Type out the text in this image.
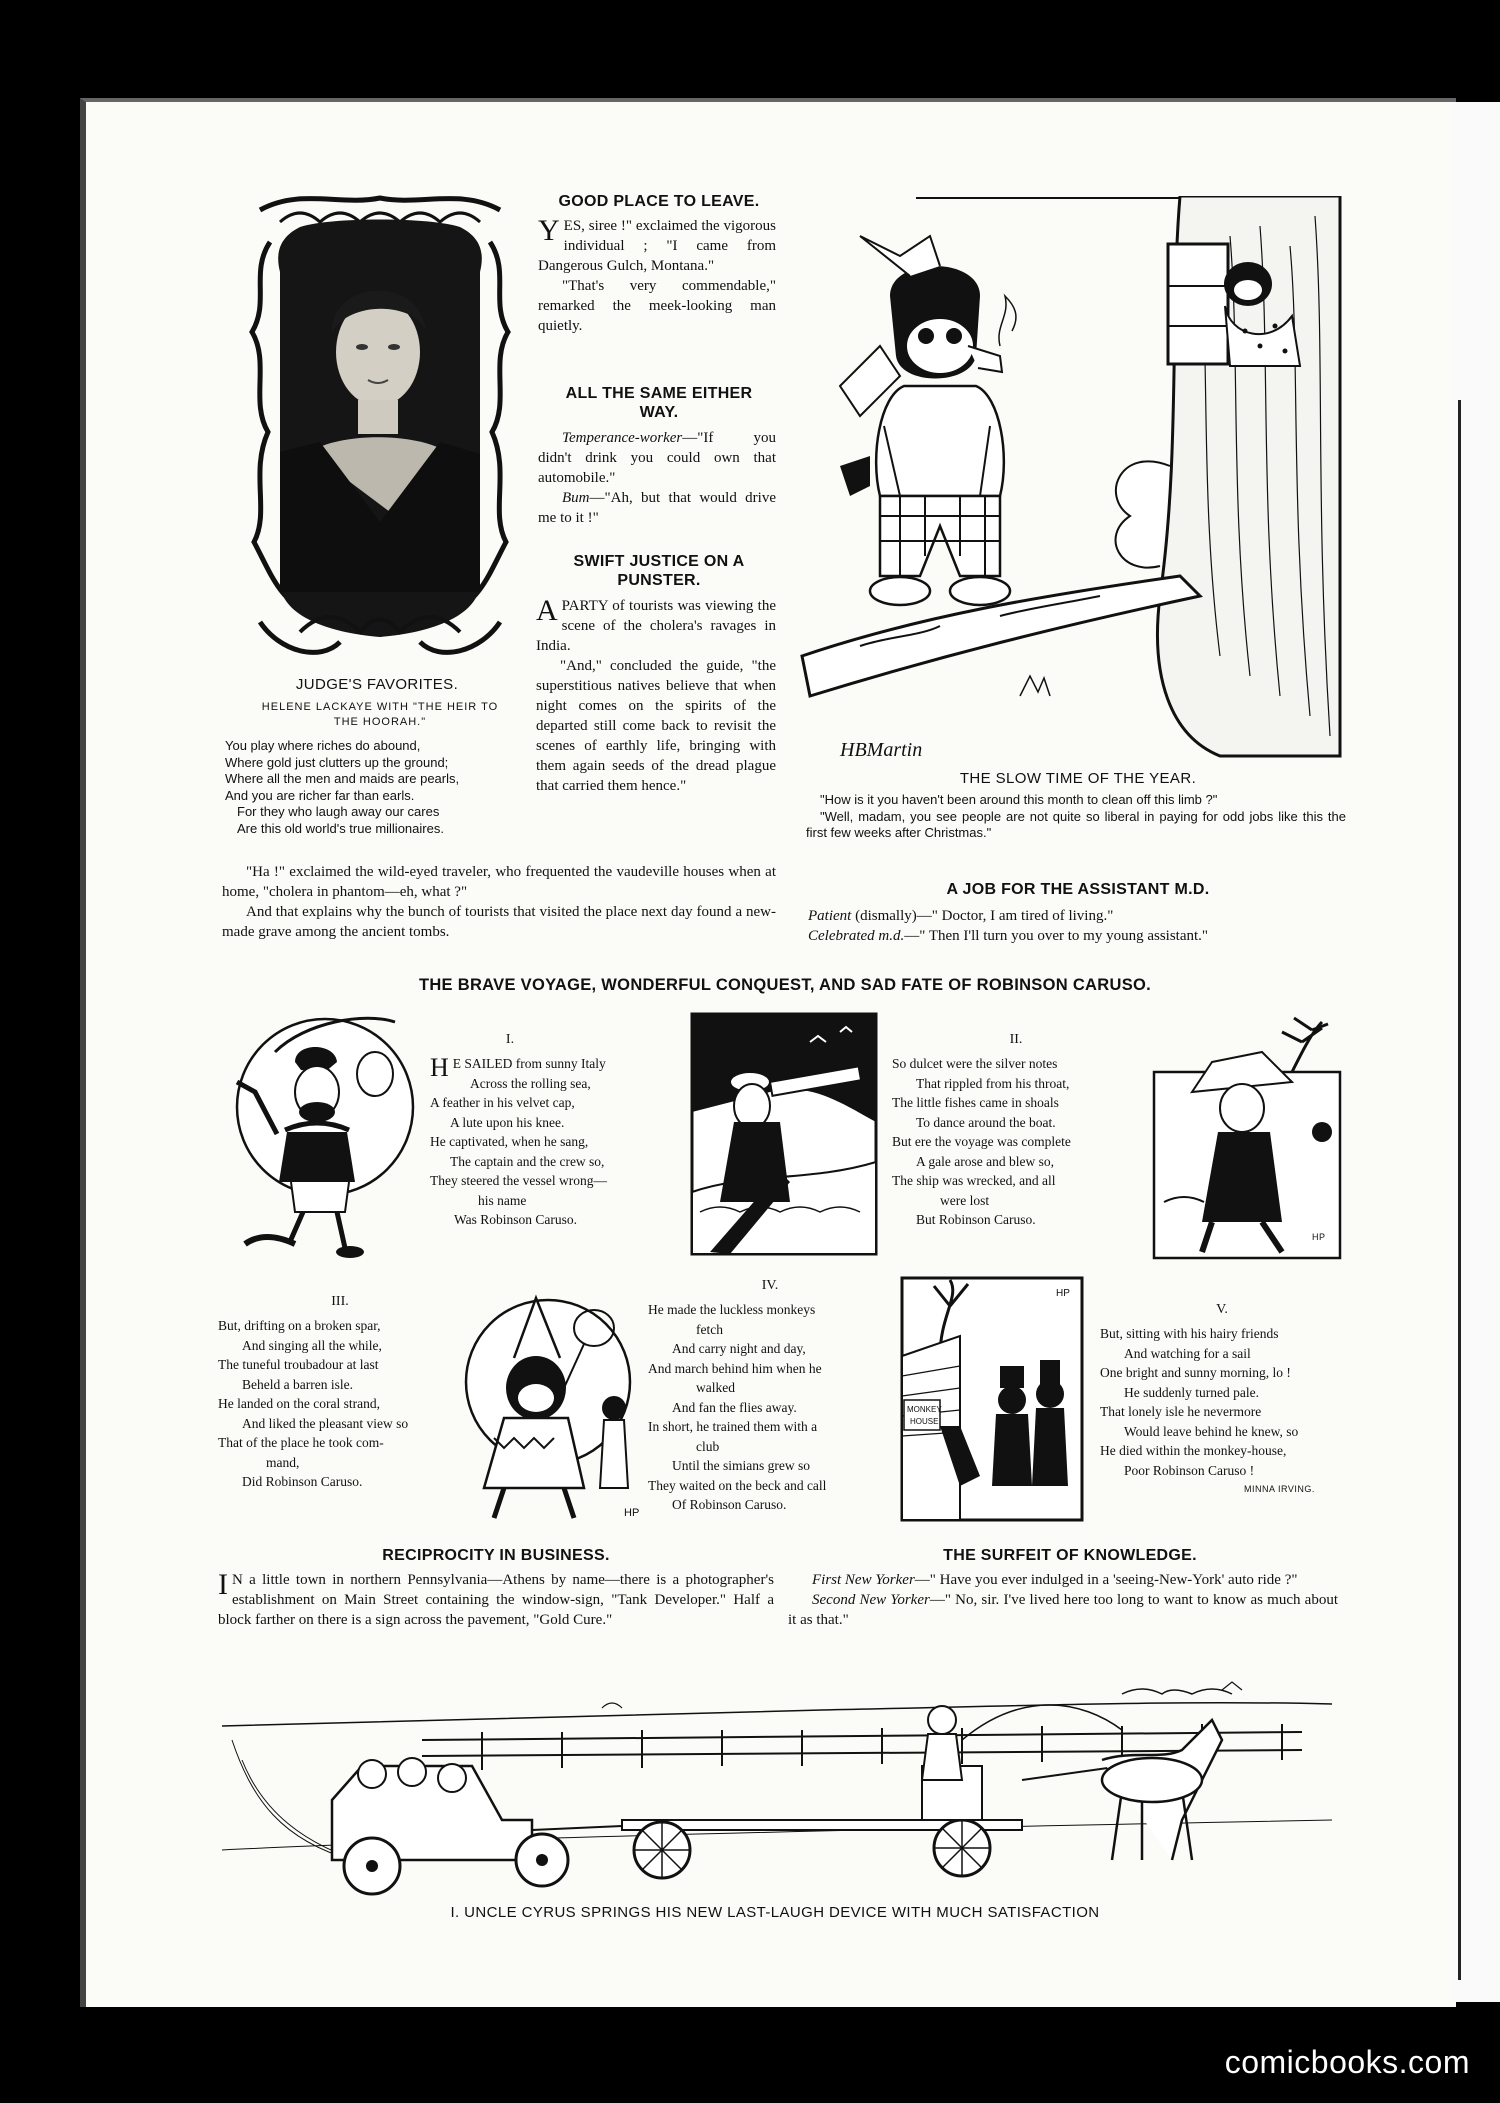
JUDGE'S FAVORITES.
HELENE LACKAYE WITH "THE HEIR TO
THE HOORAH."
You play where riches do abound,
Where gold just clutters up the ground;
Where all the men and maids are pearls,
And you are richer far than earls.
For they who laugh away our cares
Are this old world's true millionaires.
GOOD PLACE TO LEAVE.

YES, siree !" exclaimed the vigorous individual ; "I came from Dangerous Gulch, Montana."

"That's very commendable," remarked the meek-looking man quietly.

ALL THE SAME EITHER
WAY.

Temperance-worker—"If you didn't drink you could own that automobile."

Bum—"Ah, but that would drive me to it !"

SWIFT JUSTICE ON A
PUNSTER.

APARTY of tourists was viewing the scene of the cholera's ravages in India.

"And," concluded the guide, "the superstitious natives believe that when night comes on the spirits of the departed still come back to revisit the scenes of earthly life, bringing with them again seeds of the dread plague that carried them hence."

"Ha !" exclaimed the wild-eyed traveler, who frequented the vaudeville houses when at home, "cholera in phantom—eh, what ?"

And that explains why the bunch of tourists that visited the place next day found a new-made grave among the ancient tombs.

HBMartin
THE SLOW TIME OF THE YEAR.
"How is it you haven't been around this month to clean off this limb ?"
"Well, madam, you see people are not quite so liberal in paying for odd jobs like this the first few weeks after Christmas."
A JOB FOR THE ASSISTANT M.D.
Patient (dismally)—" Doctor, I am tired of living."
Celebrated m.d.—" Then I'll turn you over to my young assistant."
THE BRAVE VOYAGE, WONDERFUL CONQUEST, AND SAD FATE OF ROBINSON CARUSO.
I.
H E SAILED from sunny Italy
Across the rolling sea,
A feather in his velvet cap,
A lute upon his knee.
He captivated, when he sang,
The captain and the crew so,
They steered the vessel wrong—
his name
Was Robinson Caruso.
II.
So dulcet were the silver notes
That rippled from his throat,
The little fishes came in shoals
To dance around the boat.
But ere the voyage was complete
A gale arose and blew so,
The ship was wrecked, and all
were lost
But Robinson Caruso.
HP
III.
But, drifting on a broken spar,
And singing all the while,
The tuneful troubadour at last
Beheld a barren isle.
He landed on the coral strand,
And liked the pleasant view so
That of the place he took com-
mand,
Did Robinson Caruso.
HP
IV.
He made the luckless monkeys
fetch
And carry night and day,
And march behind him when he
walked
And fan the flies away.
In short, he trained them with a
club
Until the simians grew so
They waited on the beck and call
Of Robinson Caruso.
MONKEY
HOUSE
HP
V.
But, sitting with his hairy friends
And watching for a sail
One bright and sunny morning, lo !
He suddenly turned pale.
That lonely isle he nevermore
Would leave behind he knew, so
He died within the monkey-house,
Poor Robinson Caruso !
MINNA IRVING.
RECIPROCITY IN BUSINESS.

I N a little town in northern Pennsylvania—Athens by name—there is a photographer's establishment on Main Street containing the window-sign, "Tank Developer." Half a block farther on there is a sign across the pavement, "Gold Cure."

THE SURFEIT OF KNOWLEDGE.

First New Yorker—" Have you ever indulged in a 'seeing-New-York' auto ride ?"

Second New Yorker—" No, sir. I've lived here too long to want to know as much about it as that."

I. UNCLE CYRUS SPRINGS HIS NEW LAST-LAUGH DEVICE WITH MUCH SATISFACTION
comicbooks.com
